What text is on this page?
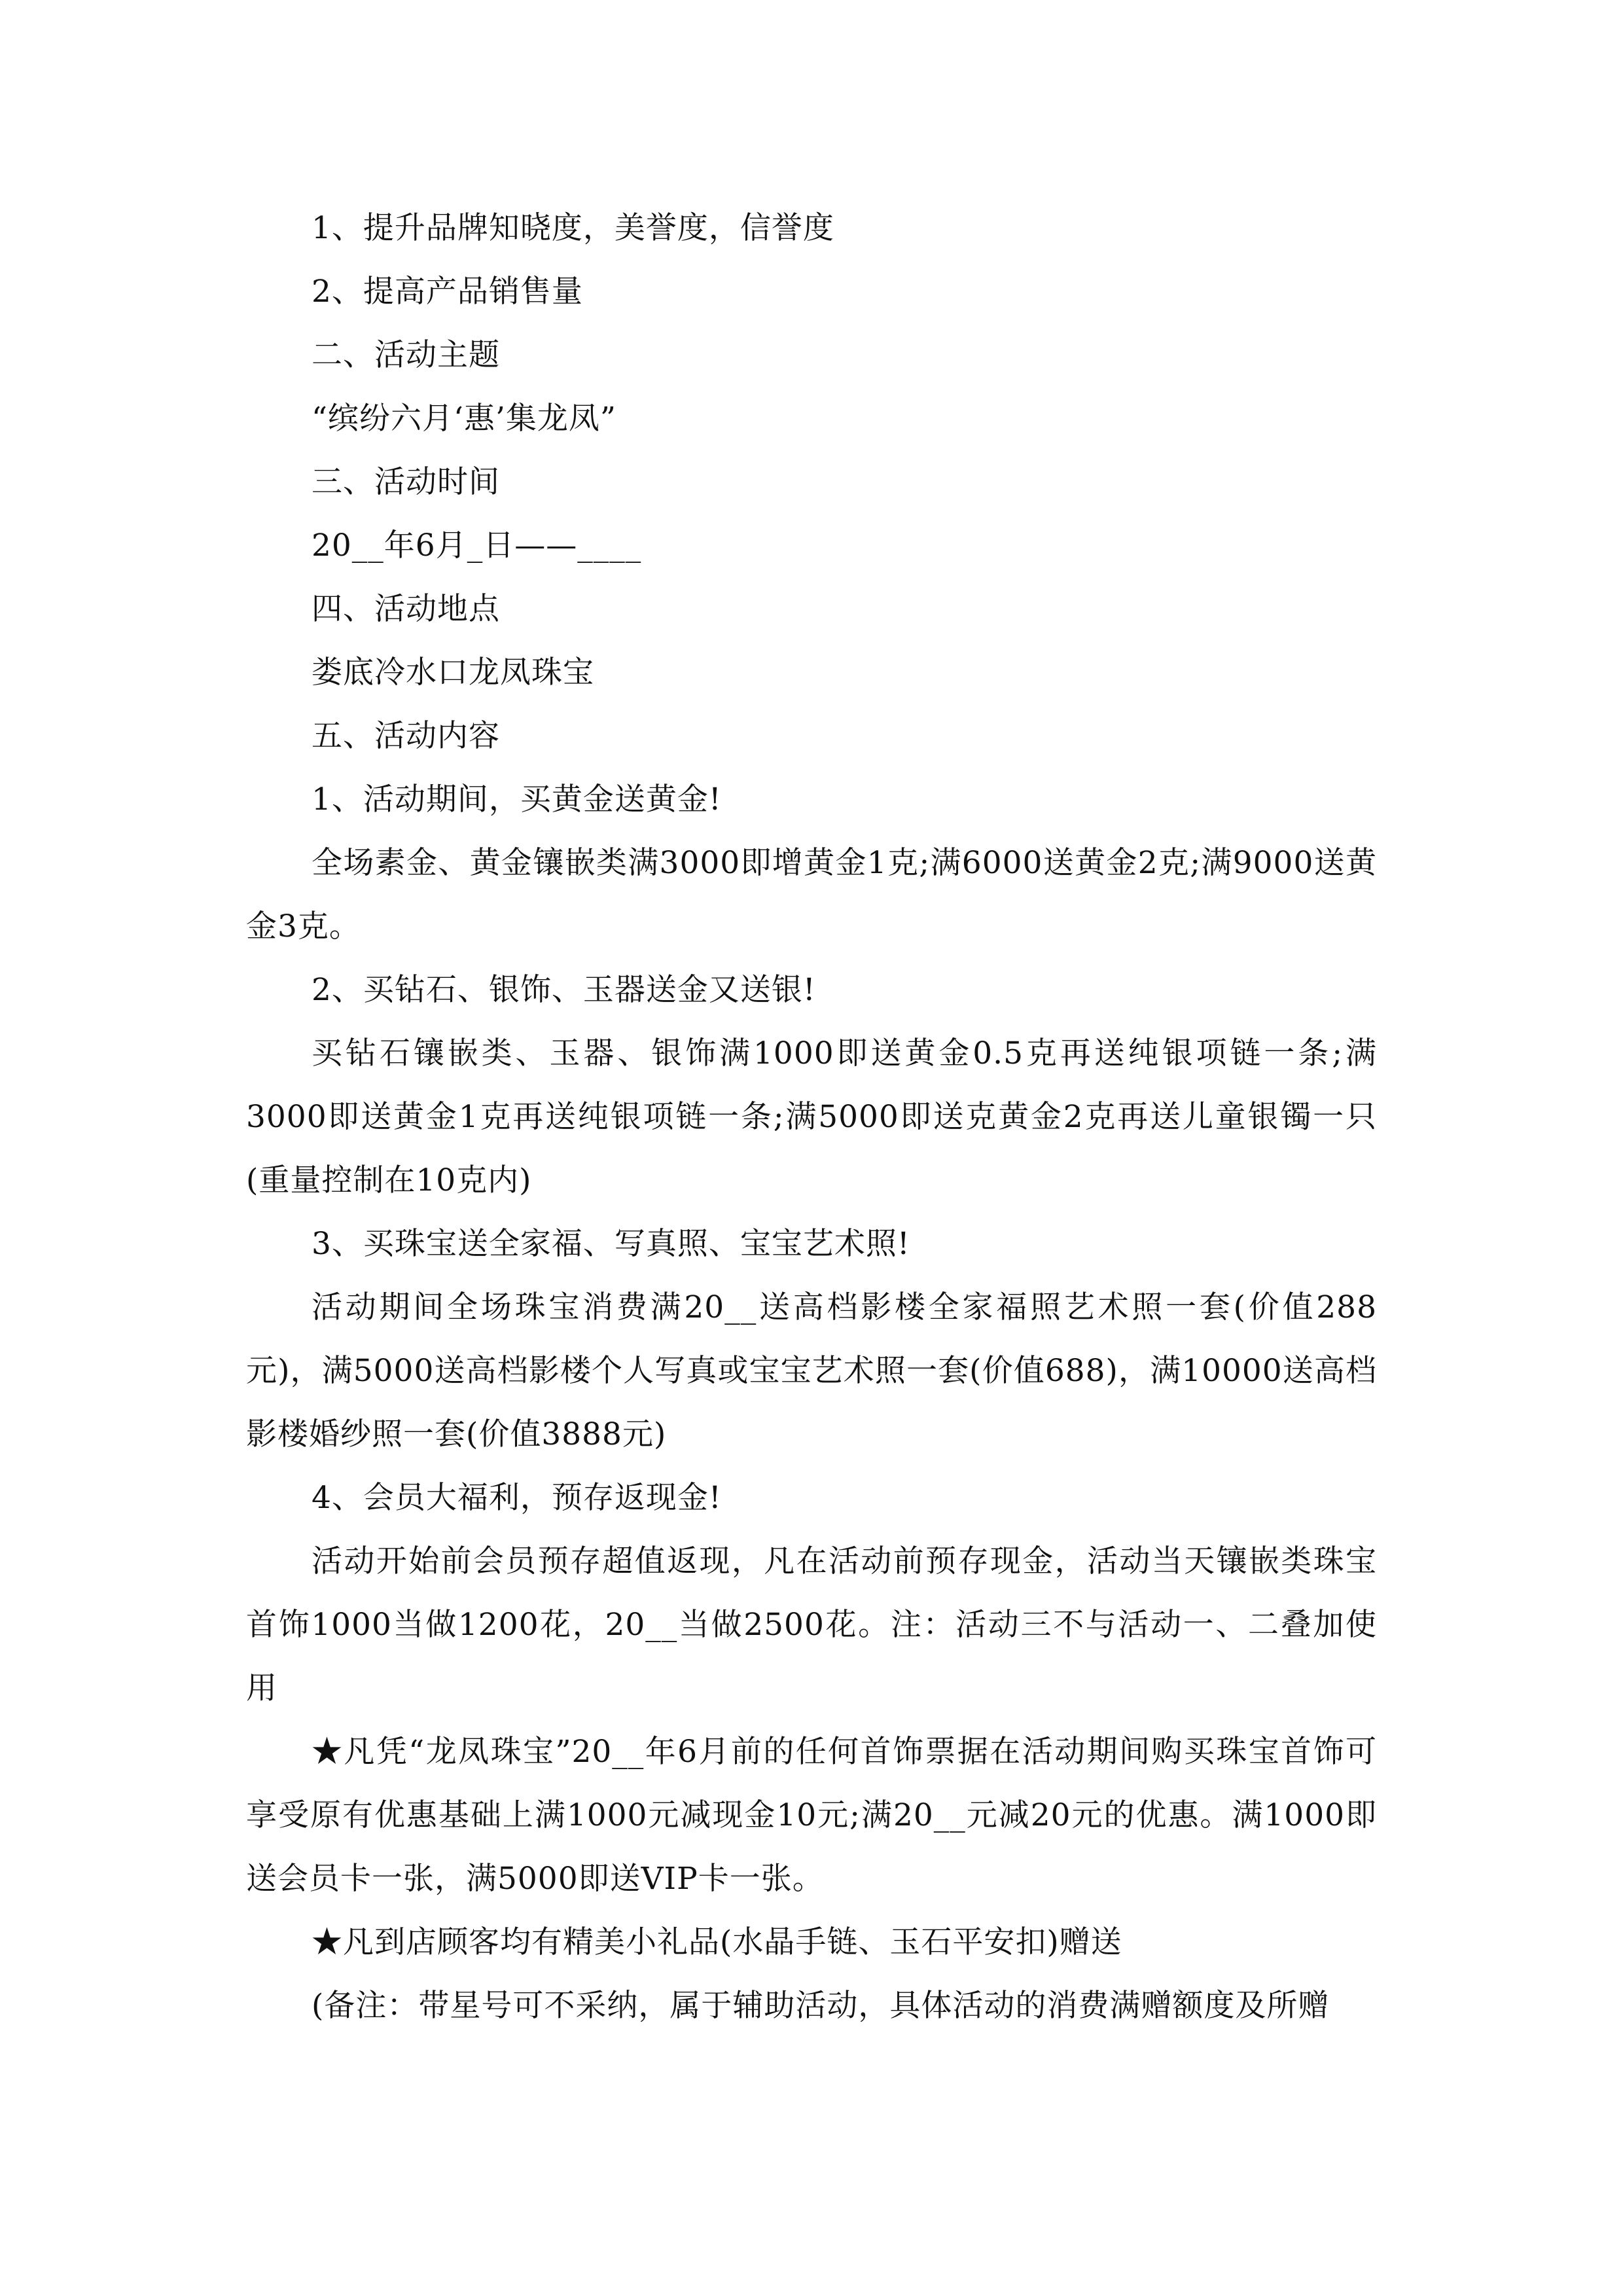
1、提升品牌知晓度，美誉度，信誉度

2、提高产品销售量

二、活动主题

“缤纷六月‘惠’集龙凤”

三、活动时间

20__年6月_日——____

四、活动地点

娄底冷水口龙凤珠宝

五、活动内容

1、活动期间，买黄金送黄金!

全场素金、黄金镶嵌类满3000即增黄金1克;满6000送黄金2克;满9000送黄金3克。

2、买钻石、银饰、玉器送金又送银!

买钻石镶嵌类、玉器、银饰满1000即送黄金0.5克再送纯银项链一条;满3000即送黄金1克再送纯银项链一条;满5000即送克黄金2克再送儿童银镯一只(重量控制在10克内)

3、买珠宝送全家福、写真照、宝宝艺术照!

活动期间全场珠宝消费满20__送高档影楼全家福照艺术照一套(价值288元)，满5000送高档影楼个人写真或宝宝艺术照一套(价值688)，满10000送高档影楼婚纱照一套(价值3888元)

4、会员大福利，预存返现金!

活动开始前会员预存超值返现，凡在活动前预存现金，活动当天镶嵌类珠宝首饰1000当做1200花，20__当做2500花。注：活动三不与活动一、二叠加使用

★凡凭“龙凤珠宝”20__年6月前的任何首饰票据在活动期间购买珠宝首饰可享受原有优惠基础上满1000元减现金10元;满20__元减20元的优惠。满1000即送会员卡一张，满5000即送VIP卡一张。

★凡到店顾客均有精美小礼品(水晶手链、玉石平安扣)赠送

(备注：带星号可不采纳，属于辅助活动，具体活动的消费满赠额度及所赠
